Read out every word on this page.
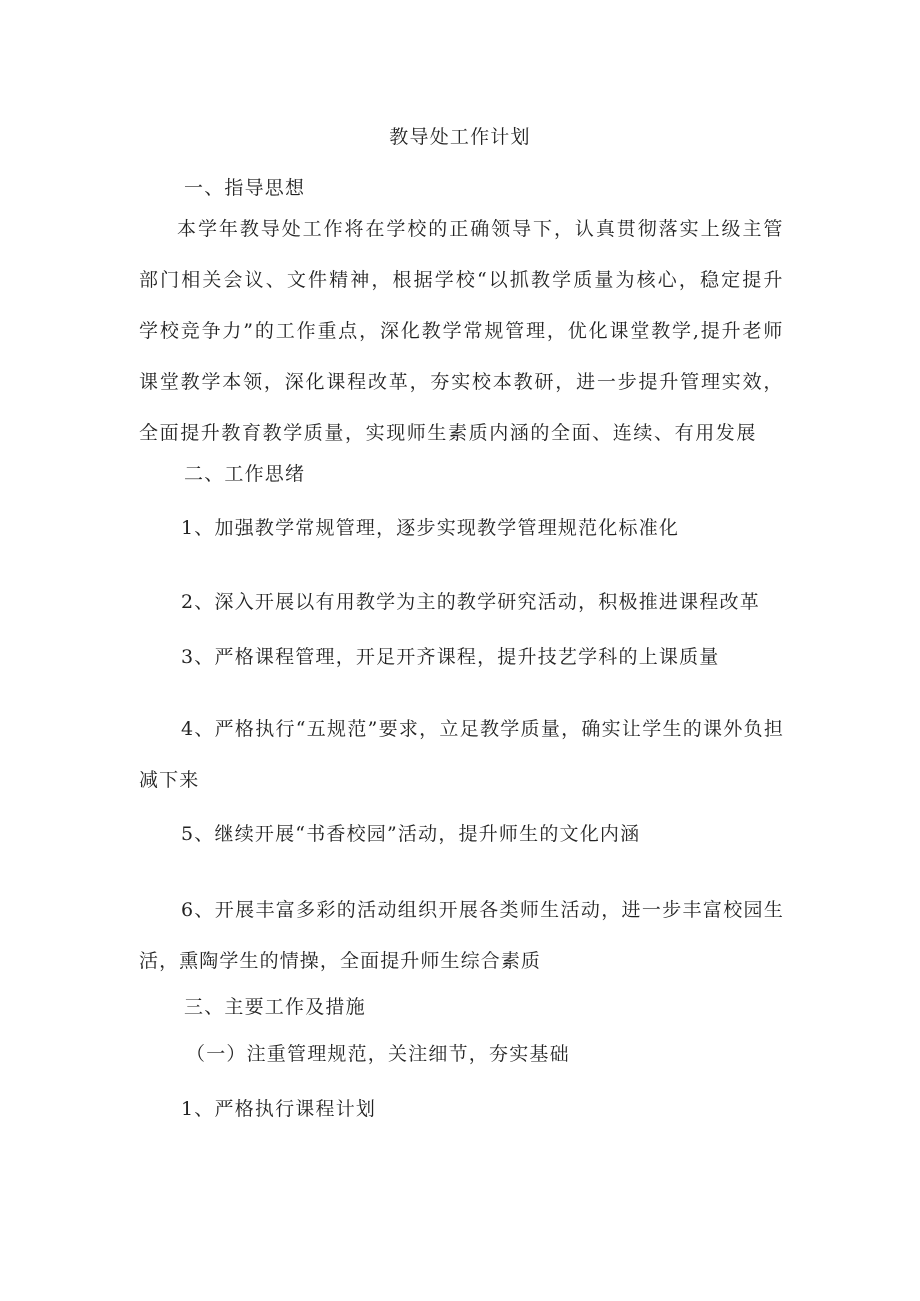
教导处工作计划
一、指导思想
本学年教导处工作将在学校的正确领导下，认真贯彻落实上级主管部门相关会议、文件精神，根据学校“以抓教学质量为核心，稳定提升学校竞争力”的工作重点，深化教学常规管理，优化课堂教学,提升老师课堂教学本领，深化课程改革，夯实校本教研，进一步提升管理实效，全面提升教育教学质量，实现师生素质内涵的全面、连续、有用发展
二、工作思绪
1、加强教学常规管理，逐步实现教学管理规范化标准化
2、深入开展以有用教学为主的教学研究活动，积极推进课程改革
3、严格课程管理，开足开齐课程，提升技艺学科的上课质量
4、严格执行“五规范”要求，立足教学质量，确实让学生的课外负担减下来
5、继续开展“书香校园”活动，提升师生的文化内涵
6、开展丰富多彩的活动组织开展各类师生活动，进一步丰富校园生活，熏陶学生的情操，全面提升师生综合素质
三、主要工作及措施
（一）注重管理规范，关注细节，夯实基础
1、严格执行课程计划
